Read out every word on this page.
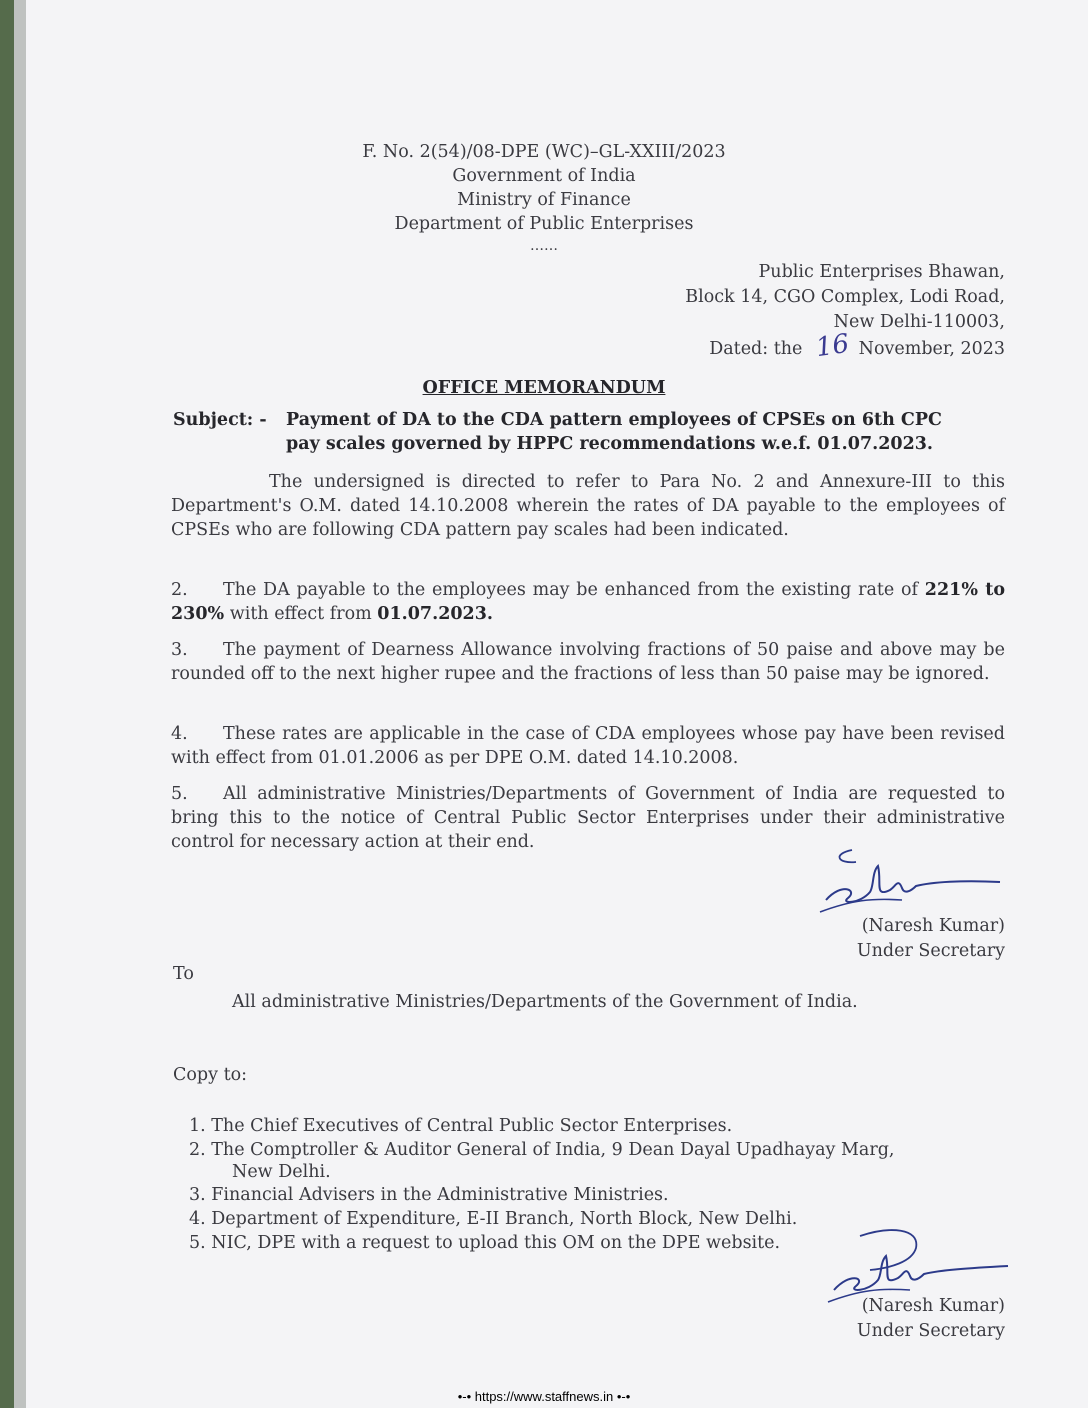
F. No. 2(54)/08-DPE (WC)–GL-XXIII/2023
Government of India
Ministry of Finance
Department of Public Enterprises
……
Public Enterprises Bhawan,
Block 14, CGO Complex, Lodi Road,
New Delhi-110003,
Dated: the 16 November, 2023
OFFICE MEMORANDUM
Subject: - Payment of DA to the CDA pattern employees of CPSEs on 6th CPC
pay scales governed by HPPC recommendations w.e.f. 01.07.2023.
The undersigned is directed to refer to Para No. 2 and Annexure-III to this Department's O.M. dated 14.10.2008 wherein the rates of DA payable to the employees of CPSEs who are following CDA pattern pay scales had been indicated.
2. The DA payable to the employees may be enhanced from the existing rate of 221% to 230% with effect from 01.07.2023.
3. The payment of Dearness Allowance involving fractions of 50 paise and above may be rounded off to the next higher rupee and the fractions of less than 50 paise may be ignored.
4. These rates are applicable in the case of CDA employees whose pay have been revised with effect from 01.01.2006 as per DPE O.M. dated 14.10.2008.
5. All administrative Ministries/Departments of Government of India are requested to bring this to the notice of Central Public Sector Enterprises under their administrative control for necessary action at their end.
(Naresh Kumar)
Under Secretary
To
All administrative Ministries/Departments of the Government of India.
Copy to:
1. The Chief Executives of Central Public Sector Enterprises.
2. The Comptroller & Auditor General of India, 9 Dean Dayal Upadhayay Marg,
New Delhi.
3. Financial Advisers in the Administrative Ministries.
4. Department of Expenditure, E-II Branch, North Block, New Delhi.
5. NIC, DPE with a request to upload this OM on the DPE website.
(Naresh Kumar)
Under Secretary
•-• https://www.staffnews.in •-•
